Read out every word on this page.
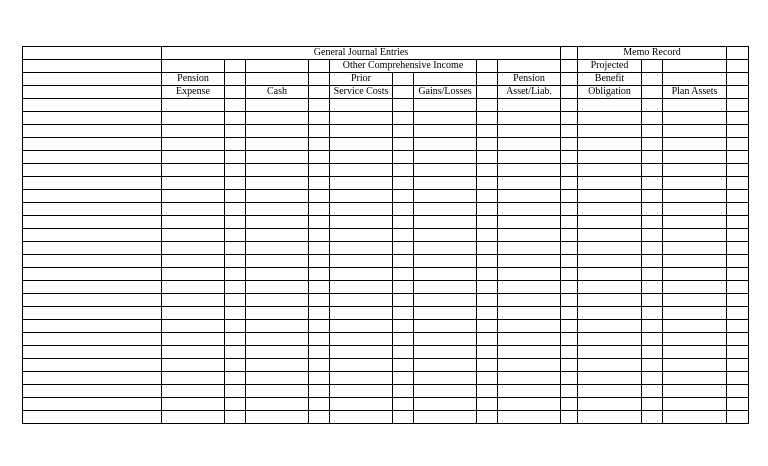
	General Journal Entries										Memo Record			
					Other Comprehensive Income						Projected			
	Pension				Prior				Pension		Benefit			
	Expense		Cash		Service Costs		Gains/Losses		Asset/Liab.		Obligation		Plan Assets	
